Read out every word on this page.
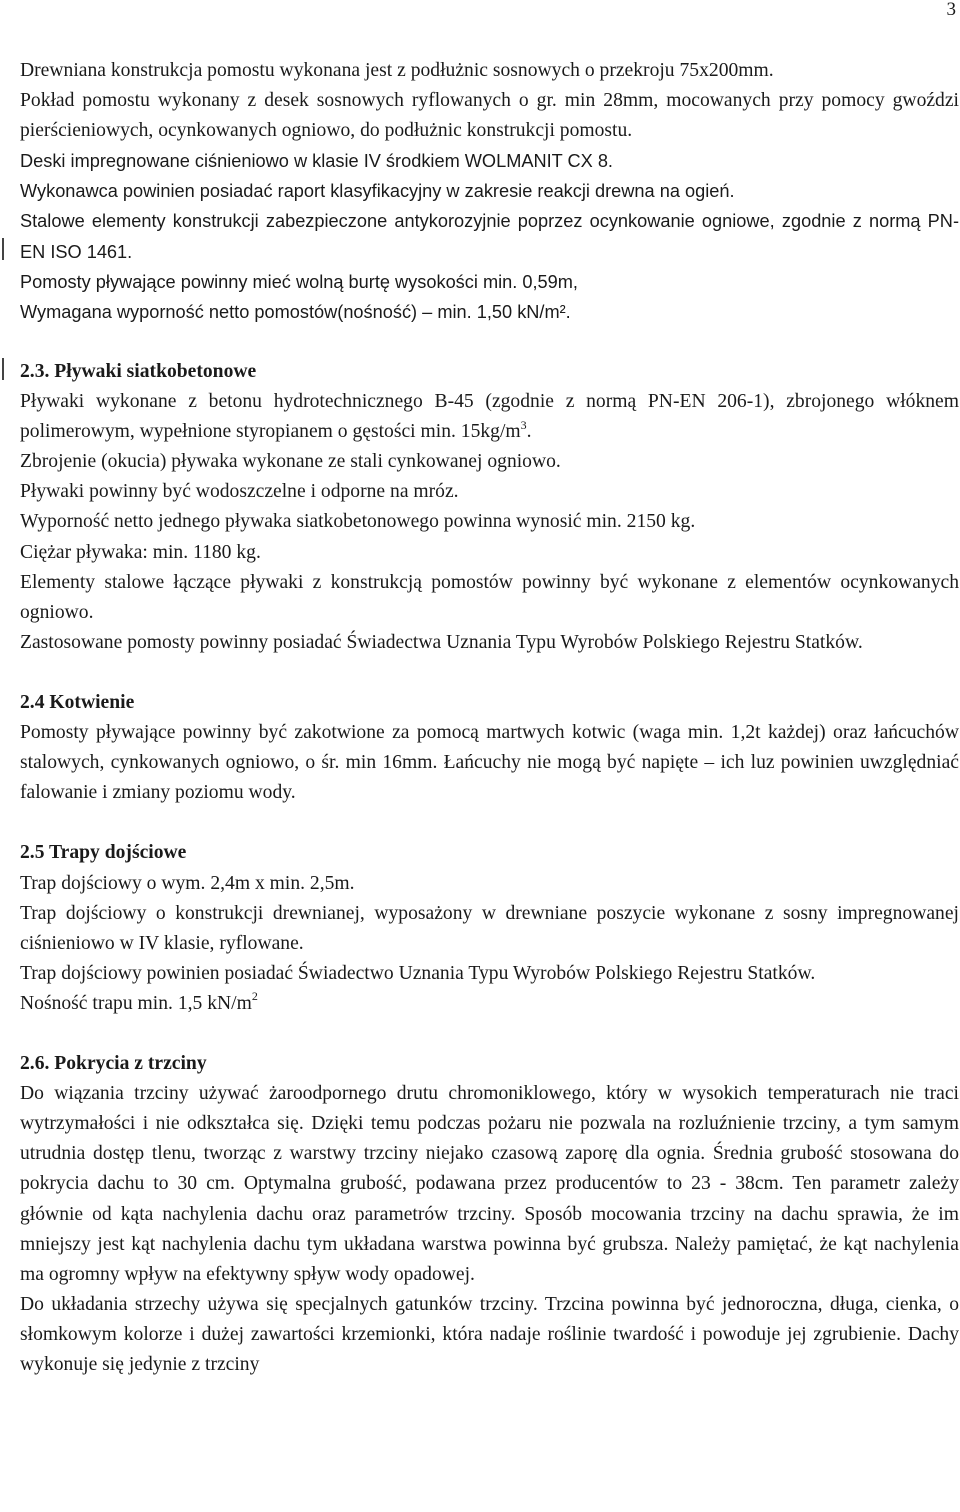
3

Drewniana konstrukcja pomostu wykonana jest z podłużnic sosnowych o przekroju 75x200mm.

Pokład pomostu wykonany z desek sosnowych ryflowanych o gr. min 28mm, mocowanych przy pomocy gwoździ pierścieniowych, ocynkowanych ogniowo, do podłużnic konstrukcji pomostu.

Deski impregnowane ciśnieniowo w klasie IV środkiem WOLMANIT CX 8.

Wykonawca powinien posiadać raport klasyfikacyjny w zakresie reakcji drewna na ogień.

Stalowe elementy konstrukcji zabezpieczone antykorozyjnie poprzez ocynkowanie ogniowe, zgodnie z normą PN-EN ISO 1461.

Pomosty pływające powinny mieć wolną burtę wysokości min. 0,59m,

Wymagana wyporność netto pomostów(nośność) – min. 1,50 kN/m².

2.3. Pływaki siatkobetonowe

Pływaki wykonane z betonu hydrotechnicznego B-45 (zgodnie z normą PN-EN 206-1), zbrojonego włóknem polimerowym, wypełnione styropianem o gęstości min. $15kg/m^3$.

Zbrojenie (okucia) pływaka wykonane ze stali cynkowanej ogniowo.

Pływaki powinny być wodoszczelne i odporne na mróz.

Wyporność netto jednego pływaka siatkobetonowego powinna wynosić min. 2150 kg.

Ciężar pływaka: min. 1180 kg.

Elementy stalowe łączące pływaki z konstrukcją pomostów powinny być wykonane z elementów ocynkowanych ogniowo.

Zastosowane pomosty powinny posiadać Świadectwa Uznania Typu Wyrobów Polskiego Rejestru Statków.

2.4 Kotwienie

Pomosty pływające powinny być zakotwione za pomocą martwych kotwic (waga min. 1,2t każdej) oraz łańcuchów stalowych, cynkowanych ogniowo, o śr. min 16mm. Łańcuchy nie mogą być napięte – ich luz powinien uwzględniać falowanie i zmiany poziomu wody.

2.5 Trapy dojściowe

Trap dojściowy o wym. 2,4m x min. 2,5m.

Trap dojściowy o konstrukcji drewnianej, wyposażony w drewniane poszycie wykonane z sosny impregnowanej ciśnieniowo w IV klasie, ryflowane.

Trap dojściowy powinien posiadać Świadectwo Uznania Typu Wyrobów Polskiego Rejestru Statków.

Nośność trapu min. 1,5 $kN/m^2$

2.6. Pokrycia z trzciny

Do wiązania trzciny używać żaroodpornego drutu chromoniklowego, który w wysokich temperaturach nie traci wytrzymałości i nie odkształca się. Dzięki temu podczas pożaru nie pozwala na rozluźnienie trzciny, a tym samym utrudnia dostęp tlenu, tworząc z warstwy trzciny niejako czasową zaporę dla ognia. Średnia grubość stosowana do pokrycia dachu to 30 cm. Optymalna grubość, podawana przez producentów to 23 - 38cm. Ten parametr zależy głównie od kąta nachylenia dachu oraz parametrów trzciny. Sposób mocowania trzciny na dachu sprawia, że im mniejszy jest kąt nachylenia dachu tym układana warstwa powinna być grubsza. Należy pamiętać, że kąt nachylenia ma ogromny wpływ na efektywny spływ wody opadowej.

Do układania strzechy używa się specjalnych gatunków trzciny. Trzcina powinna być jednoroczna, długa, cienka, o słomkowym kolorze i dużej zawartości krzemionki, która nadaje roślinie twardość i powoduje jej zgrubienie. Dachy wykonuje się jedynie z trzciny
